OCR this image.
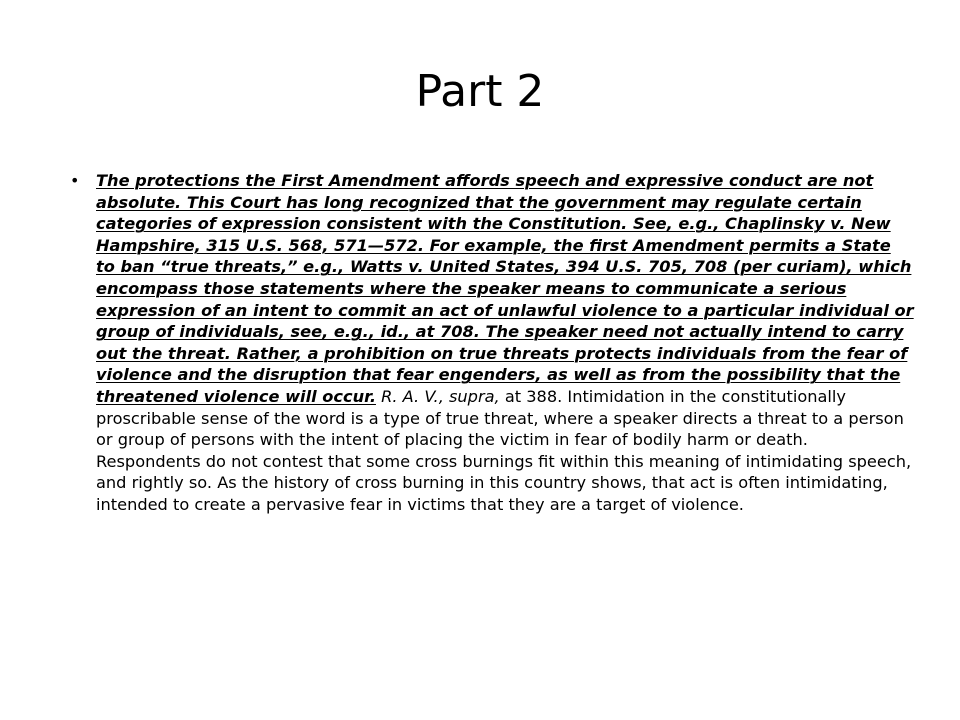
Part 2
• The protections the First Amendment affords speech and expressive conduct are not absolute. This Court has long recognized that the government may regulate certain categories of expression consistent with the Constitution. See, e.g., Chaplinsky v. New Hampshire, 315 U.S. 568, 571—572. For example, the first Amendment permits a State to ban “true threats,” e.g., Watts v. United States, 394 U.S. 705, 708 (per curiam), which encompass those statements where the speaker means to communicate a serious expression of an intent to commit an act of unlawful violence to a particular individual or group of individuals, see, e.g., id., at 708. The speaker need not actually intend to carry out the threat. Rather, a prohibition on true threats protects individuals from the fear of violence and the disruption that fear engenders, as well as from the possibility that the threatened violence will occur. R. A. V., supra, at 388. Intimidation in the constitutionally proscribable sense of the word is a type of true threat, where a speaker directs a threat to a person or group of persons with the intent of placing the victim in fear of bodily harm or death. Respondents do not contest that some cross burnings fit within this meaning of intimidating speech, and rightly so. As the history of cross burning in this country shows, that act is often intimidating, intended to create a pervasive fear in victims that they are a target of violence.
